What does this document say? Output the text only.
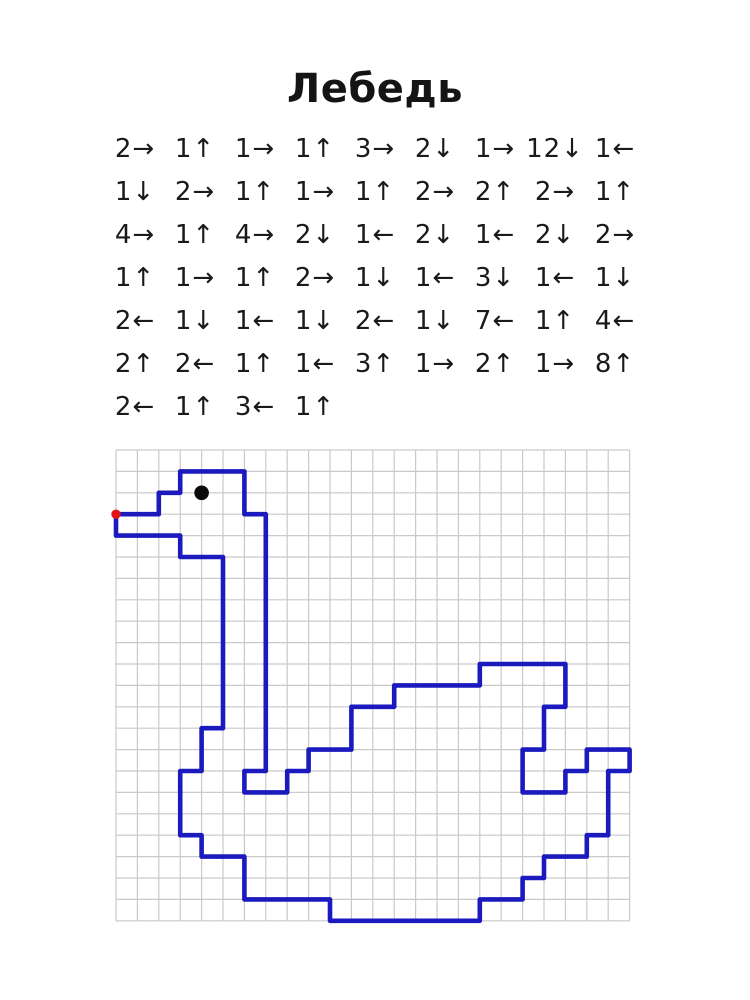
Лебедь
2→ 1↑ 1→ 1↑ 3→ 2↓ 1→ 12↓ 1←
1↓ 2→ 1↑ 1→ 1↑ 2→ 2↑ 2→ 1↑
4→ 1↑ 4→ 2↓ 1← 2↓ 1← 2↓ 2→
1↑ 1→ 1↑ 2→ 1↓ 1← 3↓ 1← 1↓
2← 1↓ 1← 1↓ 2← 1↓ 7← 1↑ 4←
2↑ 2← 1↑ 1← 3↑ 1→ 2↑ 1→ 8↑
2← 1↑ 3← 1↑
